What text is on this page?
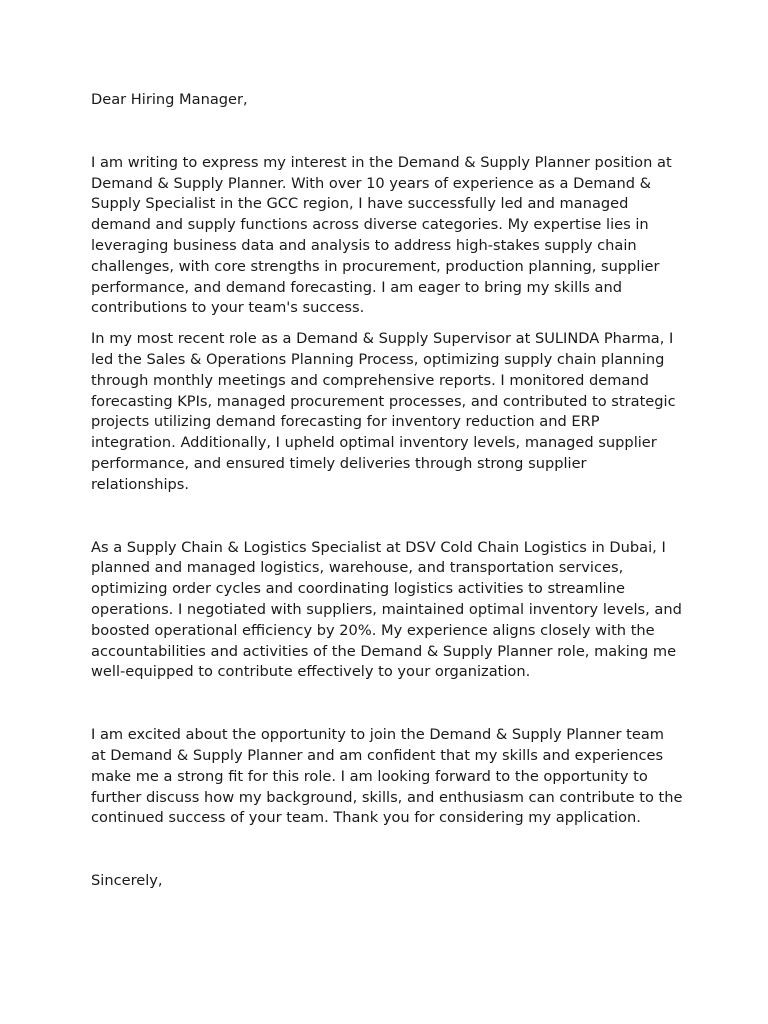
Dear Hiring Manager,

I am writing to express my interest in the Demand & Supply Planner position at Demand & Supply Planner. With over 10 years of experience as a Demand & Supply Specialist in the GCC region, I have successfully led and managed demand and supply functions across diverse categories. My expertise lies in leveraging business data and analysis to address high-stakes supply chain challenges, with core strengths in procurement, production planning, supplier performance, and demand forecasting. I am eager to bring my skills and contributions to your team's success.

In my most recent role as a Demand & Supply Supervisor at SULINDA Pharma, I led the Sales & Operations Planning Process, optimizing supply chain planning through monthly meetings and comprehensive reports. I monitored demand forecasting KPIs, managed procurement processes, and contributed to strategic projects utilizing demand forecasting for inventory reduction and ERP integration. Additionally, I upheld optimal inventory levels, managed supplier performance, and ensured timely deliveries through strong supplier relationships.

As a Supply Chain & Logistics Specialist at DSV Cold Chain Logistics in Dubai, I planned and managed logistics, warehouse, and transportation services, optimizing order cycles and coordinating logistics activities to streamline operations. I negotiated with suppliers, maintained optimal inventory levels, and boosted operational efficiency by 20%. My experience aligns closely with the accountabilities and activities of the Demand & Supply Planner role, making me well-equipped to contribute effectively to your organization.

I am excited about the opportunity to join the Demand & Supply Planner team at Demand & Supply Planner and am confident that my skills and experiences make me a strong fit for this role. I am looking forward to the opportunity to further discuss how my background, skills, and enthusiasm can contribute to the continued success of your team. Thank you for considering my application.

Sincerely,
